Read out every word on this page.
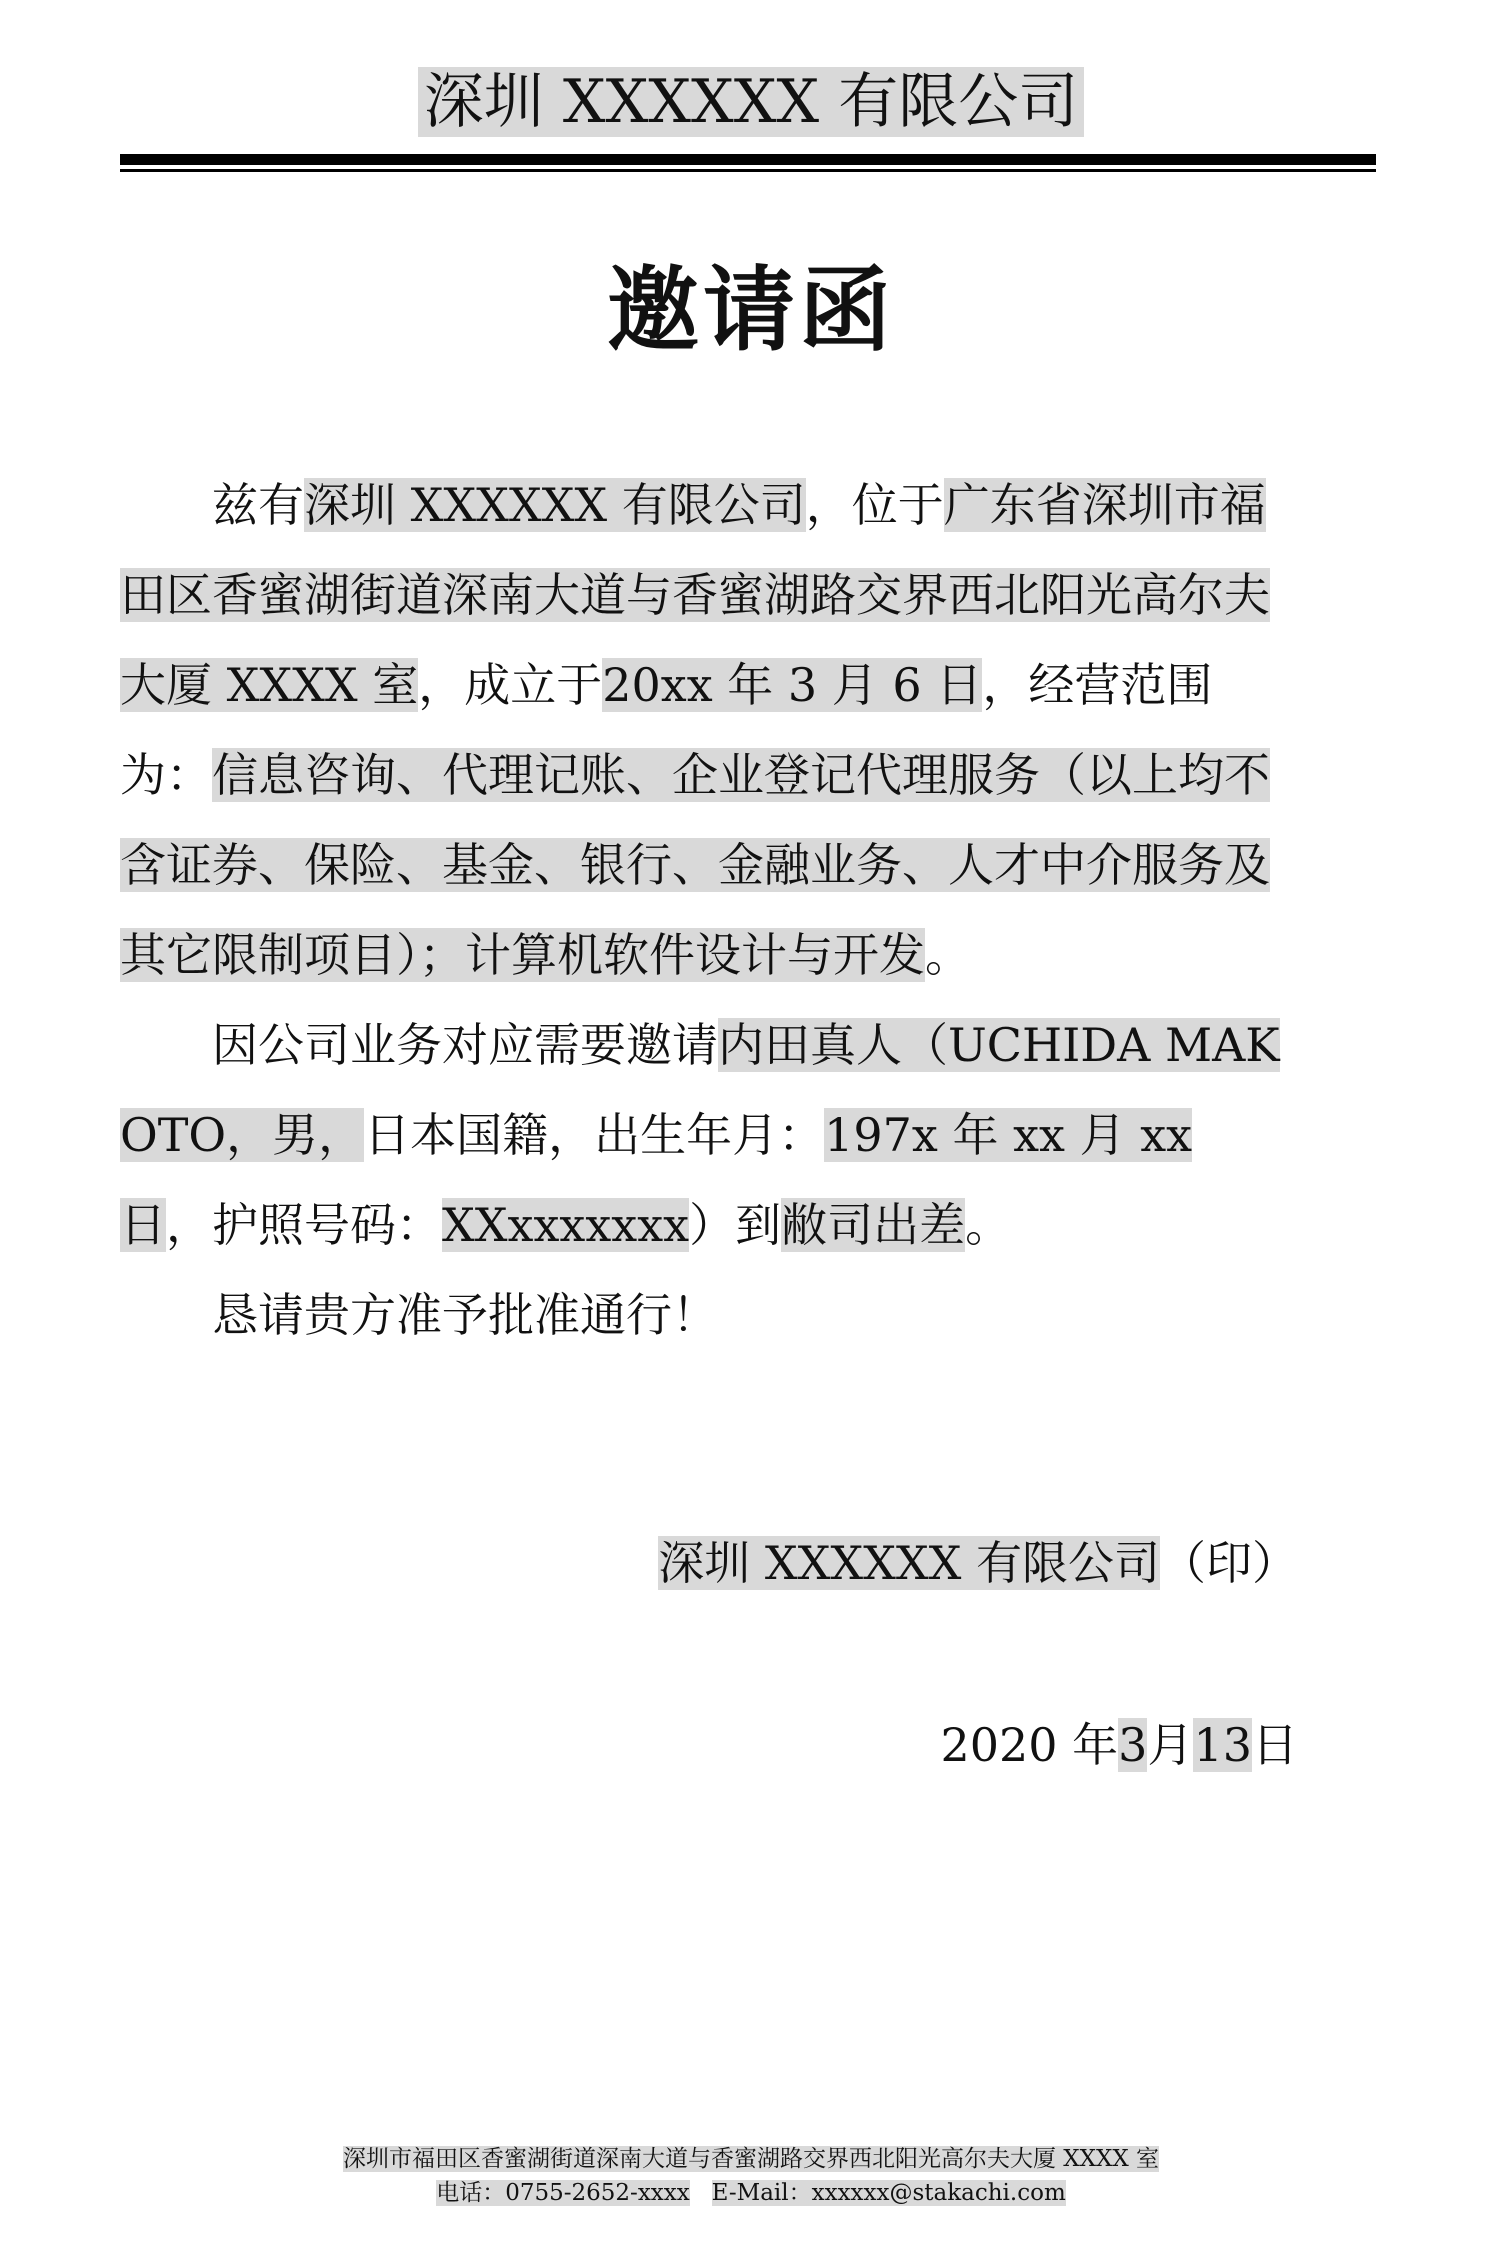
深圳 XXXXXX 有限公司
邀请函

兹有深圳 XXXXXX 有限公司，位于广东省深圳市福田区香蜜湖街道深南大道与香蜜湖路交界西北阳光高尔夫大厦 XXXX 室，成立于20xx 年 3 月 6 日，经营范围为：信息咨询、代理记账、企业登记代理服务（以上均不含证券、保险、基金、银行、金融业务、人才中介服务及其它限制项目）；计算机软件设计与开发。

因公司业务对应需要邀请内田真人（UCHIDA MAKOTO，男，日本国籍，出生年月：197x 年 xx 月 xx 日，护照号码：XXxxxxxxx）到敝司出差。

恳请贵方准予批准通行！

深圳 XXXXXX 有限公司（印）
2020 年3月13日
深圳市福田区香蜜湖街道深南大道与香蜜湖路交界西北阳光高尔夫大厦 XXXX 室
电话：0755-2652-xxxx E-Mail：xxxxxx@stakachi.com
